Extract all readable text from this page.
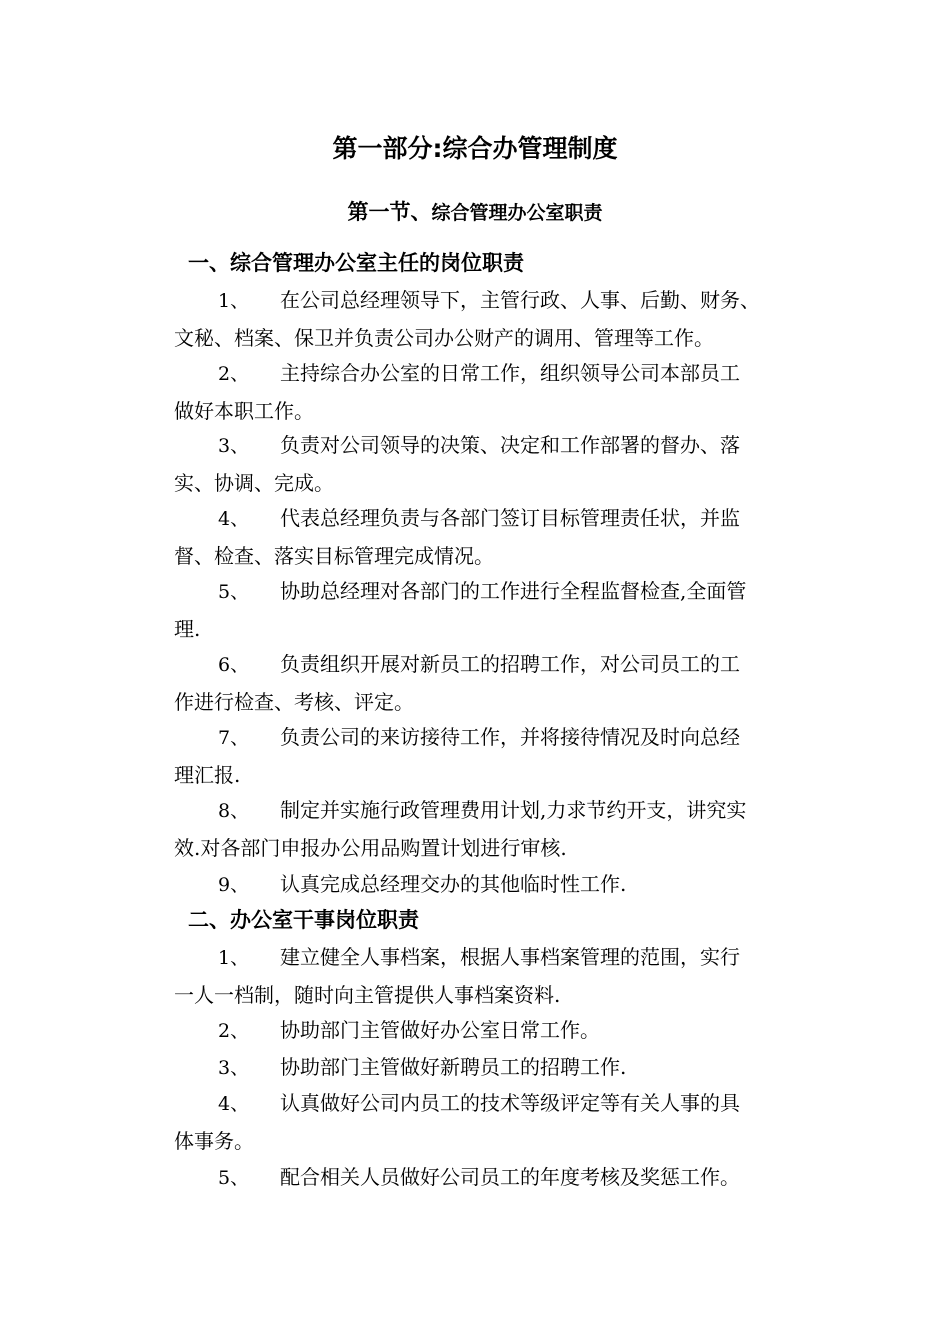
第一部分:综合办管理制度
第一节、综合管理办公室职责
一、综合管理办公室主任的岗位职责
1、 在公司总经理领导下，主管行政、人事、后勤、财务、
文秘、档案、保卫并负责公司办公财产的调用、管理等工作。
2、 主持综合办公室的日常工作，组织领导公司本部员工
做好本职工作。
3、 负责对公司领导的决策、决定和工作部署的督办、落
实、协调、完成。
4、 代表总经理负责与各部门签订目标管理责任状，并监
督、检查、落实目标管理完成情况。
5、 协助总经理对各部门的工作进行全程监督检查,全面管
理.
6、 负责组织开展对新员工的招聘工作，对公司员工的工
作进行检查、考核、评定。
7、 负责公司的来访接待工作，并将接待情况及时向总经
理汇报.
8、 制定并实施行政管理费用计划,力求节约开支，讲究实
效.对各部门申报办公用品购置计划进行审核.
9、 认真完成总经理交办的其他临时性工作.
二、办公室干事岗位职责
1、 建立健全人事档案，根据人事档案管理的范围，实行
一人一档制，随时向主管提供人事档案资料.
2、 协助部门主管做好办公室日常工作。
3、 协助部门主管做好新聘员工的招聘工作.
4、 认真做好公司内员工的技术等级评定等有关人事的具
体事务。
5、 配合相关人员做好公司员工的年度考核及奖惩工作。
